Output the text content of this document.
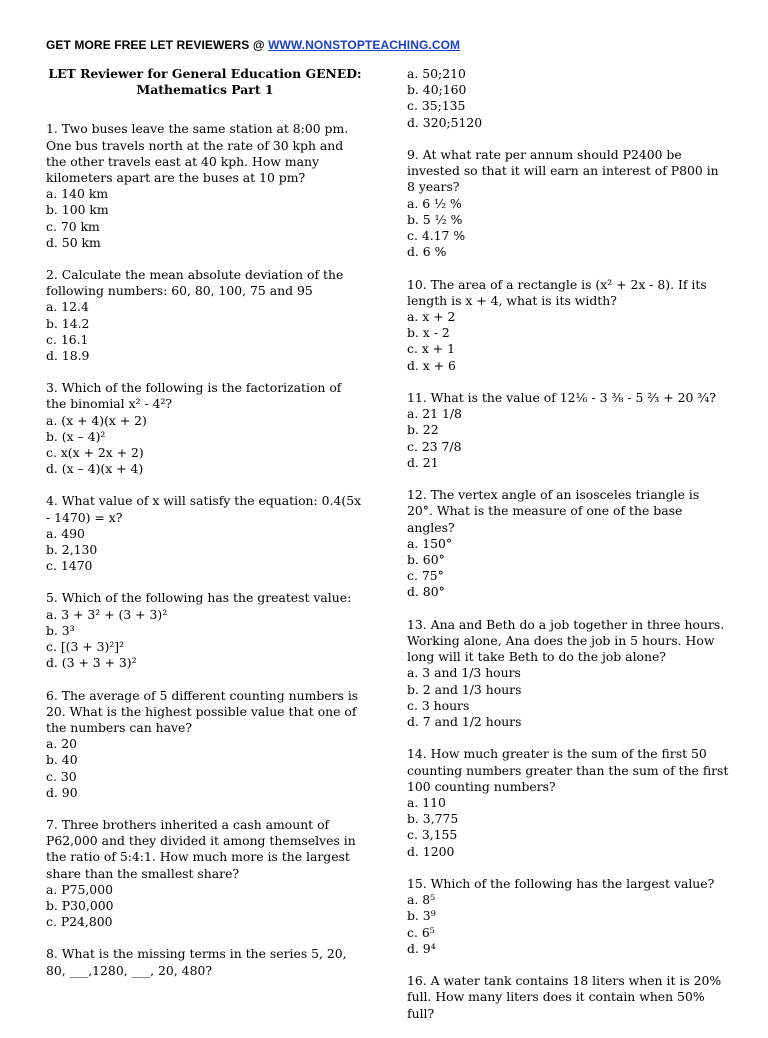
GET MORE FREE LET REVIEWERS @ WWW.NONSTOPTEACHING.COM
LET Reviewer for General Education GENED:
Mathematics Part 1
1. Two buses leave the same station at 8:00 pm. One bus travels north at the rate of 30 kph and the other travels east at 40 kph. How many kilometers apart are the buses at 10 pm?
a. 140 km
b. 100 km
c. 70 km
d. 50 km
2. Calculate the mean absolute deviation of the following numbers: 60, 80, 100, 75 and 95
a. 12.4
b. 14.2
c. 16.1
d. 18.9
3. Which of the following is the factorization of the binomial x² - 4²?
a. (x + 4)(x + 2)
b. (x – 4)²
c. x(x + 2x + 2)
d. (x – 4)(x + 4)
4. What value of x will satisfy the equation: 0.4(5x - 1470) = x?
a. 490
b. 2,130
c. 1470
5. Which of the following has the greatest value:
a. 3 + 3² + (3 + 3)²
b. 3³
c. [(3 + 3)²]²
d. (3 + 3 + 3)²
6. The average of 5 different counting numbers is 20. What is the highest possible value that one of the numbers can have?
a. 20
b. 40
c. 30
d. 90
7. Three brothers inherited a cash amount of P62,000 and they divided it among themselves in the ratio of 5:4:1. How much more is the largest share than the smallest share?
a. P75,000
b. P30,000
c. P24,800
8. What is the missing terms in the series 5, 20, 80, ___,1280, ___, 20, 480?
a. 50;210
b. 40;160
c. 35;135
d. 320;5120
9. At what rate per annum should P2400 be invested so that it will earn an interest of P800 in 8 years?
a. 6 ½ %
b. 5 ½ %
c. 4.17 %
d. 6 %
10. The area of a rectangle is (x² + 2x - 8). If its length is x + 4, what is its width?
a. x + 2
b. x - 2
c. x + 1
d. x + 6
11. What is the value of 12⅙ - 3 ⅜ - 5 ⅔ + 20 ¾?
a. 21 1/8
b. 22
c. 23 7/8
d. 21
12. The vertex angle of an isosceles triangle is 20°. What is the measure of one of the base angles?
a. 150°
b. 60°
c. 75°
d. 80°
13. Ana and Beth do a job together in three hours. Working alone, Ana does the job in 5 hours. How long will it take Beth to do the job alone?
a. 3 and 1/3 hours
b. 2 and 1/3 hours
c. 3 hours
d. 7 and 1/2 hours
14. How much greater is the sum of the first 50 counting numbers greater than the sum of the first 100 counting numbers?
a. 110
b. 3,775
c. 3,155
d. 1200
15. Which of the following has the largest value?
a. 8⁵
b. 3⁹
c. 6⁵
d. 9⁴
16. A water tank contains 18 liters when it is 20% full. How many liters does it contain when 50% full?
